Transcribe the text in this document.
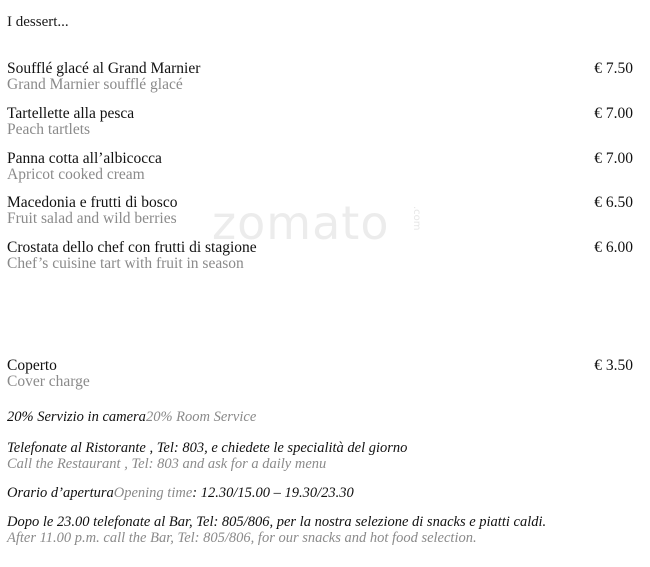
I dessert...
zomato .com
Soufflé glacé al Grand Marnier
Grand Marnier soufflé glacé
€ 7.50
Tartellette alla pesca
Peach tartlets
€ 7.00
Panna cotta all’albicocca
Apricot cooked cream
€ 7.00
Macedonia e frutti di bosco
Fruit salad and wild berries
€ 6.50
Crostata dello chef con frutti di stagione
Chef’s cuisine tart with fruit in season
€ 6.00
Coperto
Cover charge
€ 3.50
20% Servizio in camera20% Room Service
Telefonate al Ristorante , Tel: 803, e chiedete le specialità del giorno
Call the Restaurant , Tel: 803 and ask for a daily menu
Orario d’aperturaOpening time: 12.30/15.00 – 19.30/23.30
Dopo le 23.00 telefonate al Bar, Tel: 805/806, per la nostra selezione di snacks e piatti caldi.
After 11.00 p.m. call the Bar, Tel: 805/806, for our snacks and hot food selection.
